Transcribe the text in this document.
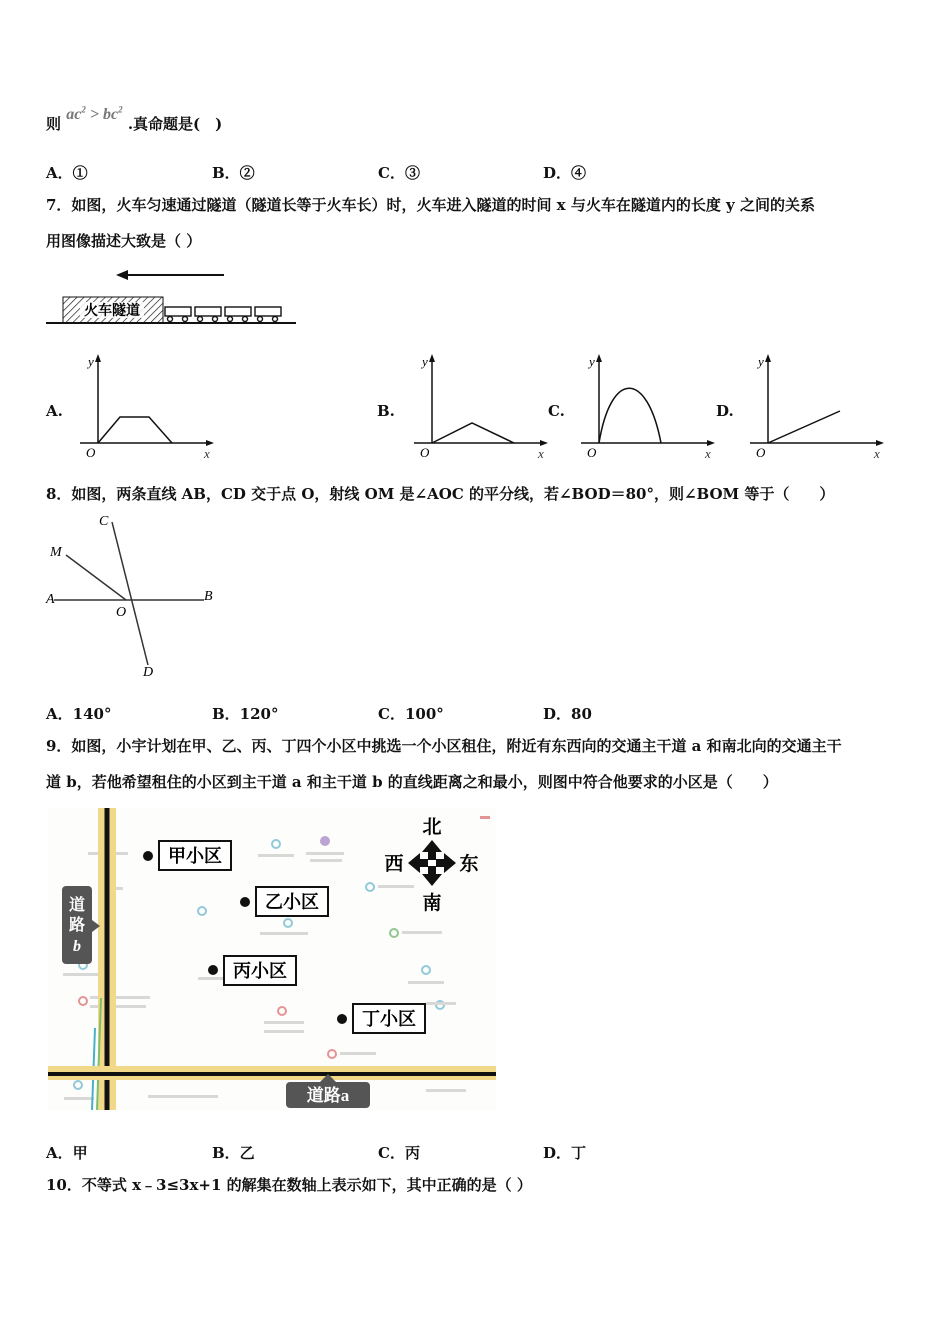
则 $ac^2 > bc^2$ .真命题是(　)
A．①	B．②	C．③	D．④
7．如图，火车匀速通过隧道（隧道长等于火车长）时，火车进入隧道的时间 x 与火车在隧道内的长度 y 之间的关系
用图像描述大致是（ ）
火车隧道
A.	B.	C.	D.
y
O	x
y
O	x
y
O	x
y
O	x
8．如图，两条直线 AB，CD 交于点 O，射线 OM 是∠AOC 的平分线，若∠BOD＝80°，则∠BOM 等于（　　）
C
M
A
O
B
D
A．140°	B．120°	C．100°	D．80
9．如图，小宇计划在甲、乙、丙、丁四个小区中挑选一个小区租住，附近有东西向的交通主干道 a 和南北向的交通主干
道 b，若他希望租住的小区到主干道 a 和主干道 b 的直线距离之和最小，则图中符合他要求的小区是（　　）
道
路
b
道路a
北
南
西	东
甲小区
乙小区
丙小区
丁小区
A．甲	B．乙	C．丙	D．丁
10．不等式 x﹣3≤3x+1 的解集在数轴上表示如下，其中正确的是（ ）
